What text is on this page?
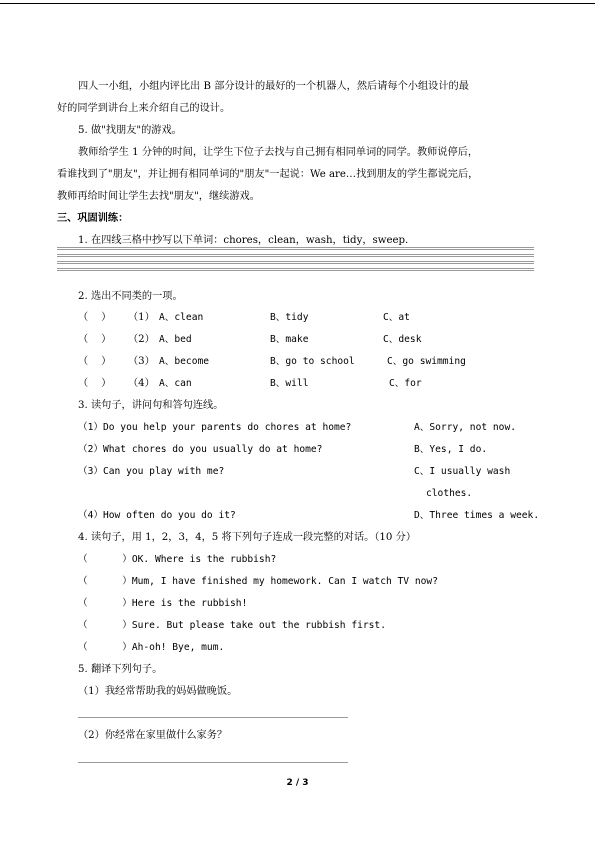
四人一小组，小组内评比出 B 部分设计的最好的一个机器人，然后请每个小组设计的最
好的同学到讲台上来介绍自己的设计。
5. 做"找朋友"的游戏。
教师给学生 1 分钟的时间，让学生下位子去找与自己拥有相同单词的同学。教师说停后，
看谁找到了"朋友"，并让拥有相同单词的"朋友"一起说：We are…找到朋友的学生都说完后，
教师再给时间让学生去找"朋友"，继续游戏。
三、巩固训练：
1. 在四线三格中抄写以下单词：chores，clean，wash，tidy，sweep.
2. 选出不同类的一项。
（    ） （1） A、clean	B、tidy	C、at
（    ） （2） A、bed	B、make	C、desk
（    ） （3） A、become	B、go to school	C、go swimming
（    ） （4） A、can	B、will	C、for
3. 读句子，讲问句和答句连线。
（1）Do you help your parents do chores at home?
（2）What chores do you usually do at home?
（3）Can you play with me?
（4）How often do you do it?
A、Sorry, not now.
B、Yes, I do.
C、I usually wash
clothes.
D、Three times a week.
4. 读句子，用 1，2，3，4，5 将下列句子连成一段完整的对话。（10 分）
（      ）OK. Where is the rubbish?
（      ）Mum, I have finished my homework. Can I watch TV now?
（      ）Here is the rubbish!
（      ）Sure. But please take out the rubbish first.
（      ）Ah-oh! Bye, mum.
5. 翻译下列句子。
（1）我经常帮助我的妈妈做晚饭。
（2）你经常在家里做什么家务？
2 / 3
